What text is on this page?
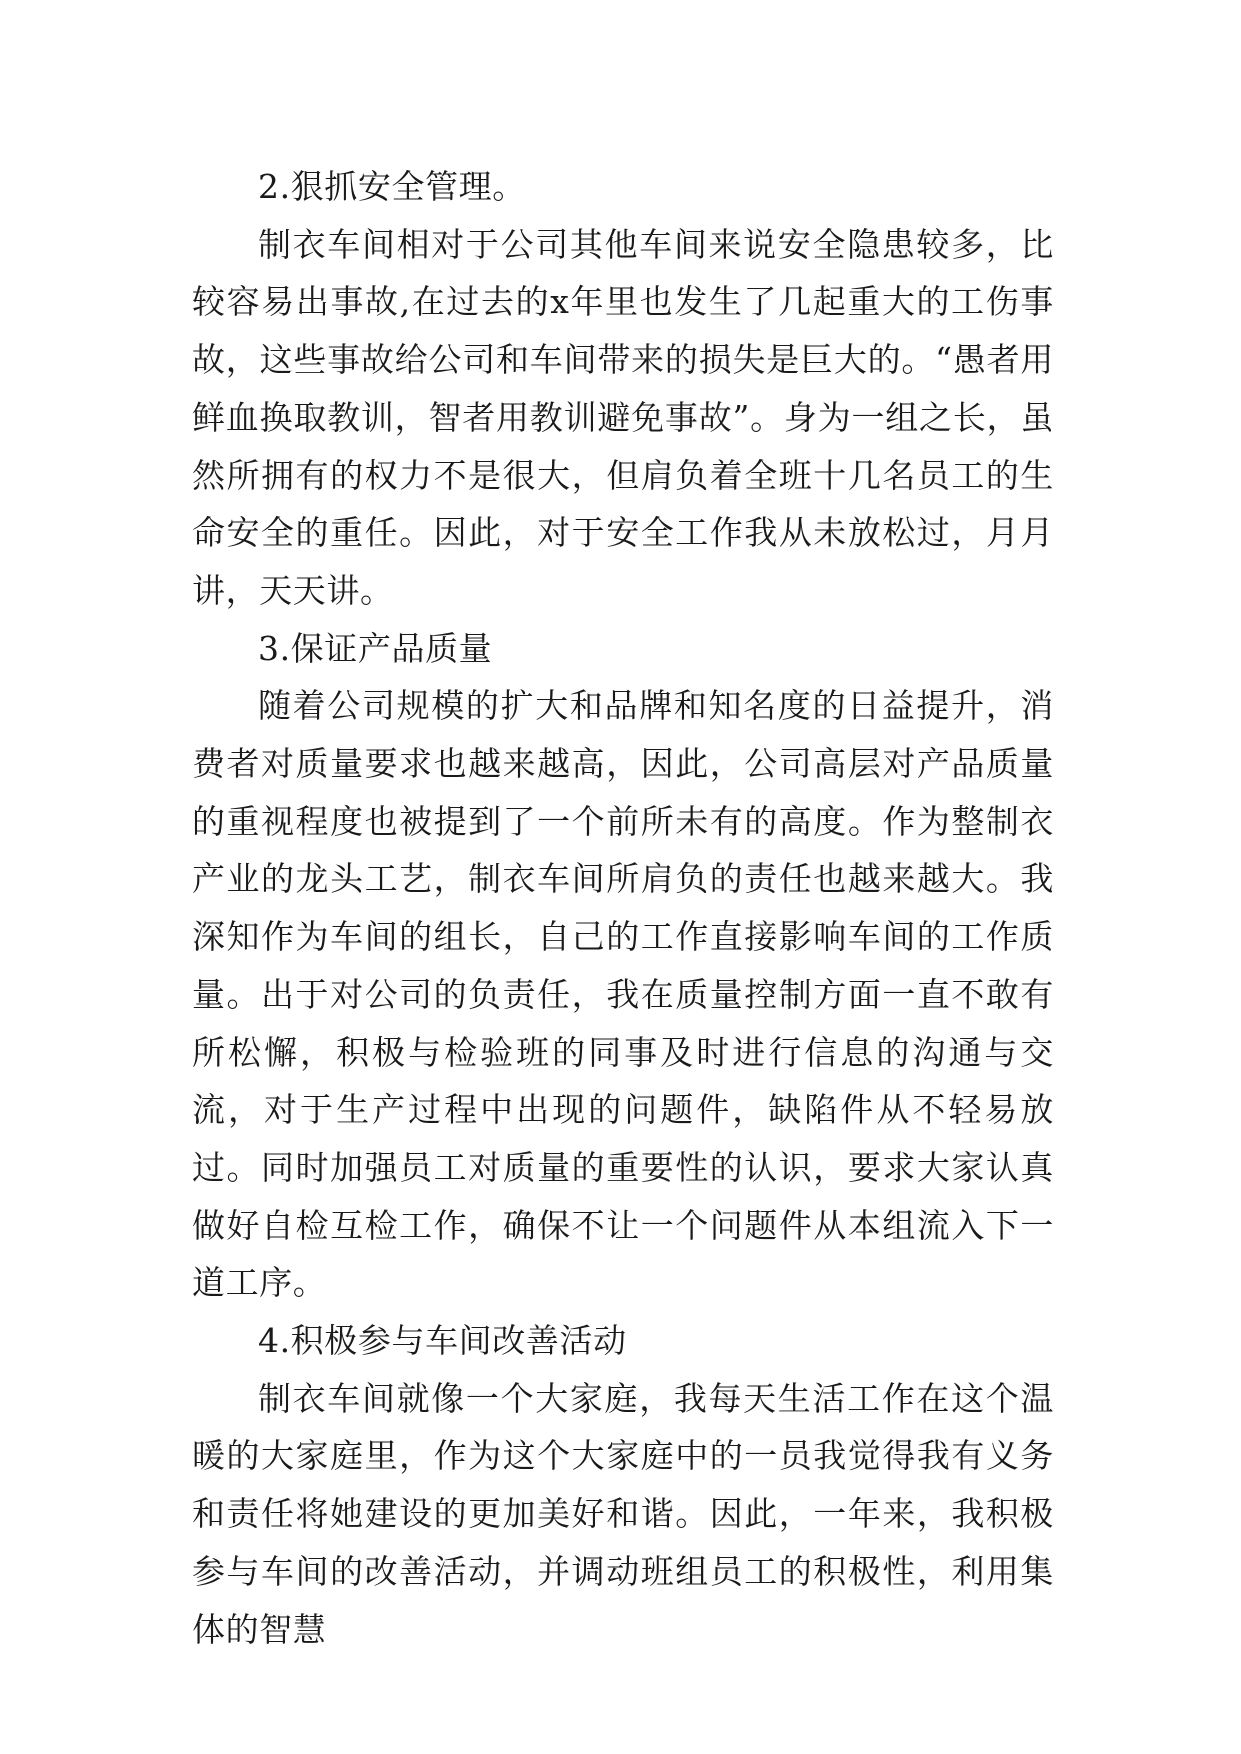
2.狠抓安全管理。

制衣车间相对于公司其他车间来说安全隐患较多，比较容易出事故,在过去的x年里也发生了几起重大的工伤事故，这些事故给公司和车间带来的损失是巨大的。“愚者用鲜血换取教训，智者用教训避免事故”。身为一组之长，虽然所拥有的权力不是很大，但肩负着全班十几名员工的生命安全的重任。因此，对于安全工作我从未放松过，月月讲，天天讲。

3.保证产品质量

随着公司规模的扩大和品牌和知名度的日益提升，消费者对质量要求也越来越高，因此，公司高层对产品质量的重视程度也被提到了一个前所未有的高度。作为整制衣产业的龙头工艺，制衣车间所肩负的责任也越来越大。我深知作为车间的组长，自己的工作直接影响车间的工作质量。出于对公司的负责任，我在质量控制方面一直不敢有所松懈，积极与检验班的同事及时进行信息的沟通与交流，对于生产过程中出现的问题件，缺陷件从不轻易放过。同时加强员工对质量的重要性的认识，要求大家认真做好自检互检工作，确保不让一个问题件从本组流入下一道工序。

4.积极参与车间改善活动

制衣车间就像一个大家庭，我每天生活工作在这个温暖的大家庭里，作为这个大家庭中的一员我觉得我有义务和责任将她建设的更加美好和谐。因此，一年来，我积极参与车间的改善活动，并调动班组员工的积极性，利用集体的智慧
